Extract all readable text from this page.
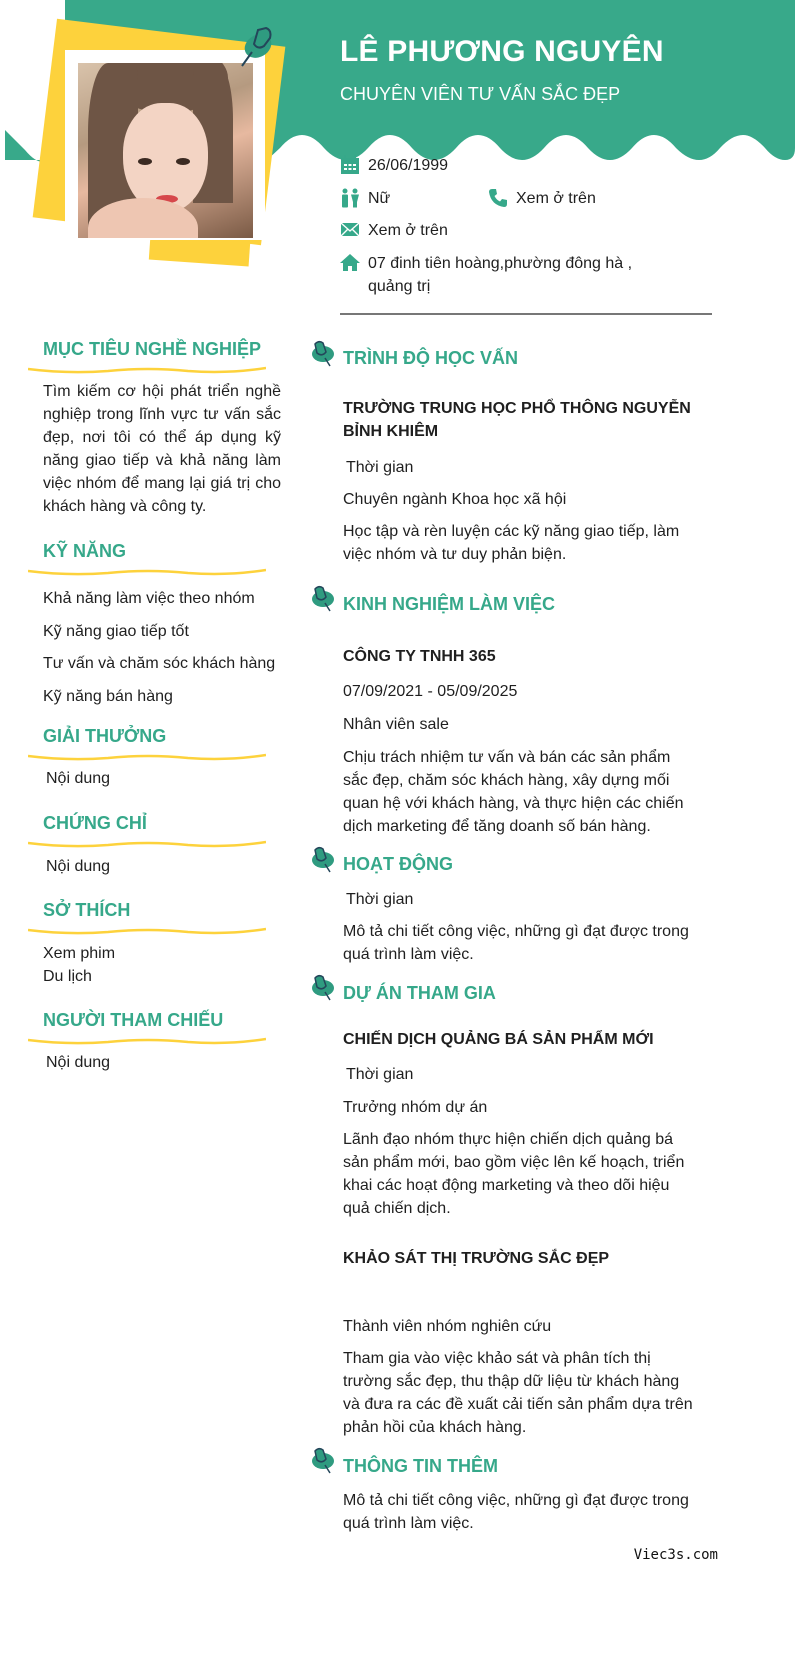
LÊ PHƯƠNG NGUYÊN
CHUYÊN VIÊN TƯ VẤN SẮC ĐẸP
26/06/1999
Nữ	Xem ở trên
Xem ở trên
07 đinh tiên hoàng,phường đông hà , quảng trị
MỤC TIÊU NGHỀ NGHIỆP
Tìm kiếm cơ hội phát triển nghề nghiệp trong lĩnh vực tư vấn sắc đẹp, nơi tôi có thể áp dụng kỹ năng giao tiếp và khả năng làm việc nhóm để mang lại giá trị cho khách hàng và công ty.
KỸ NĂNG
Khả năng làm việc theo nhóm
Kỹ năng giao tiếp tốt
Tư vấn và chăm sóc khách hàng
Kỹ năng bán hàng
GIẢI THƯỞNG
Nội dung
CHỨNG CHỈ
Nội dung
SỞ THÍCH
Xem phim
Du lịch
NGƯỜI THAM CHIẾU
Nội dung
TRÌNH ĐỘ HỌC VẤN
TRƯỜNG TRUNG HỌC PHỔ THÔNG NGUYỄN BỈNH KHIÊM
Thời gian
Chuyên ngành Khoa học xã hội
Học tập và rèn luyện các kỹ năng giao tiếp, làm việc nhóm và tư duy phản biện.
KINH NGHIỆM LÀM VIỆC
CÔNG TY TNHH 365
07/09/2021 - 05/09/2025
Nhân viên sale
Chịu trách nhiệm tư vấn và bán các sản phẩm sắc đẹp, chăm sóc khách hàng, xây dựng mối quan hệ với khách hàng, và thực hiện các chiến dịch marketing để tăng doanh số bán hàng.
HOẠT ĐỘNG
Thời gian
Mô tả chi tiết công việc, những gì đạt được trong quá trình làm việc.
DỰ ÁN THAM GIA
CHIẾN DỊCH QUẢNG BÁ SẢN PHẨM MỚI
Thời gian
Trưởng nhóm dự án
Lãnh đạo nhóm thực hiện chiến dịch quảng bá sản phẩm mới, bao gồm việc lên kế hoạch, triển khai các hoạt động marketing và theo dõi hiệu quả chiến dịch.
KHẢO SÁT THỊ TRƯỜNG SẮC ĐẸP
Thành viên nhóm nghiên cứu
Tham gia vào việc khảo sát và phân tích thị trường sắc đẹp, thu thập dữ liệu từ khách hàng và đưa ra các đề xuất cải tiến sản phẩm dựa trên phản hồi của khách hàng.
THÔNG TIN THÊM
Mô tả chi tiết công việc, những gì đạt được trong quá trình làm việc.
Viec3s.com
